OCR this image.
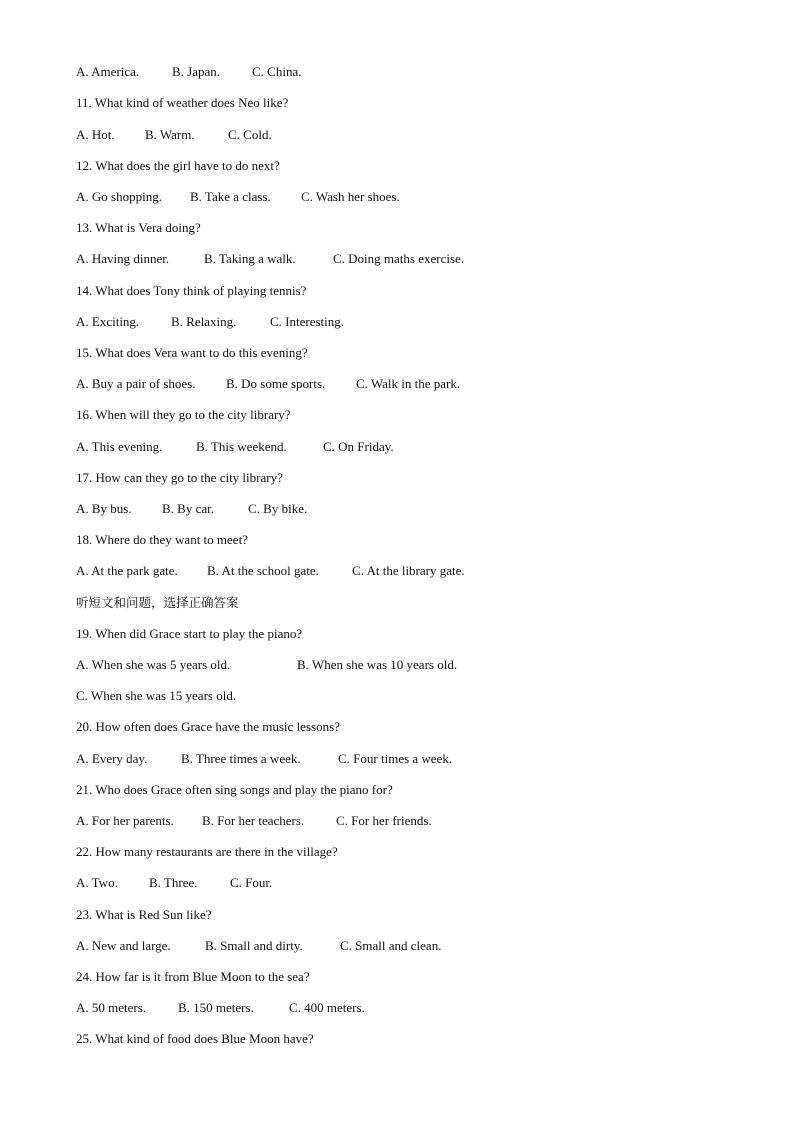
A. America.	B. Japan. C. China.
11. What kind of weather does Neo like?
A. Hot. B. Warm.	C. Cold.
12. What does the girl have to do next?
A. Go shopping. B. Take a class. C. Wash her shoes.
13. What is Vera doing?
A. Having dinner.	B. Taking a walk.	C. Doing maths exercise.
14. What does Tony think of playing tennis?
A. Exciting. B. Relaxing.	C. Interesting.
15. What does Vera want to do this evening?
A. Buy a pair of shoes. B. Do some sports. C. Walk in the park.
16. When will they go to the city library?
A. This evening.	B. This weekend.	C. On Friday.
17. How can they go to the city library?
A. By bus. B. By car.	C. By bike.
18. Where do they want to meet?
A. At the park gate. B. At the school gate.	C. At the library gate.
听短文和问题，选择正确答案
19. When did Grace start to play the piano?
A. When she was 5 years old.	B. When she was 10 years old.
C. When she was 15 years old.
20. How often does Grace have the music lessons?
A. Every day.	B. Three times a week.	C. Four times a week.
21. Who does Grace often sing songs and play the piano for?
A. For her parents. B. For her teachers. C. For her friends.
22. How many restaurants are there in the village?
A. Two. B. Three.	C. Four.
23. What is Red Sun like?
A. New and large.	B. Small and dirty.	C. Small and clean.
24. How far is it from Blue Moon to the sea?
A. 50 meters. B. 150 meters.	C. 400 meters.
25. What kind of food does Blue Moon have?
